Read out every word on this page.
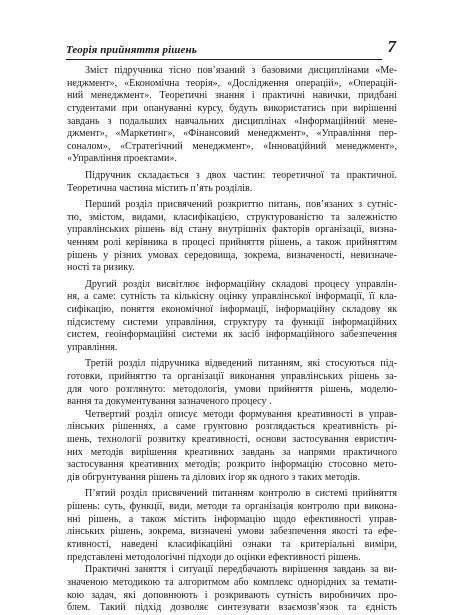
Теорія прийняття рішень	7
Зміст підручника тісно пов’язаний з базовими дисциплінами «Ме-
неджмент», «Економічна теорія», «Дослідження операцій», «Операцій-
ний менеджмент». Теоретичні знання і практичні навички, придбані
студентами при опануванні курсу, будуть використатись при вирішенні
завдань з подальших навчальних дисциплінах «Інформаційний мене-
джмент», «Маркетинг», «Фінансовий менеджмент», «Управління пер-
соналом», «Стратегічний менеджмент», «Інноваційний менеджмент»,
«Управління проектами».
Підручник складається з двох частин: теоретичної та практичної.
Теоретична частина містить п’ять розділів.
Перший розділ присвячений розкриттю питань, пов’язаних з сутніс-
тю, змістом, видами, класифікацією, структурованістю та залежністю
управлінських рішень від стану внутрішніх факторів організації, визна-
ченням ролі керівника в процесі прийняття рішень, а також прийняттям
рішень у різних умовах середовища, зокрема, визначеності, невизначе-
ності та ризику.
Другий розділ висвітлює інформаційну складові процесу управлін-
ня, а саме: сутність та кількісну оцінку управлінської інформації, її кла-
сифікацію, поняття економічної інформації, інформаційну складову як
підсистему системи управління, структуру та функції інформаційних
систем, геоінформаційні системи як засіб інформаційного забезпечення
управління.
Третій розділ підручника відведений питанням, які стосуються під-
готовки, прийняттю та організації виконання управлінських рішень за-
для чого розглянуто: методологія, умови прийняття рішень, моделю-
вання та документування зазначеного процесу .
Четвертий розділ описує методи формування креативності в управ-
лінських рішеннях, а саме грунтовно розглядається креативність рі-
шень, технології розвитку креативності, основи застосування евристич-
них методів вирішення креативних завдань за напрями практичного
застосування креативних методів; розкрито інформацію стосовно мето-
дів обгрунтування рішень та ділових ігор як одного з таких методів.
П’ятий розділ присвячений питанням контролю в системі прийняття
рішень: суть, функції, види, методи та організація контролю при викона-
нні рішень, а також містить інформацію щодо ефективності управ-
лінських рішень, зокрема, визначені умови забезпечення якості та ефе-
ктивності, наведені класифікаційні ознаки та критеріальні виміри,
представлені методологічні підходи до оцінки ефективності рішень.
Практичні заняття і ситуації передбачають вирішення завдань за ви-
значеною методикою та алгоритмом або комплекс однорідних за темати-
кою задач, які доповнюють і розкривають сутність виробничих про-
блем. Такий підхід дозволяє синтезувати взаємозв’язок та єдність
